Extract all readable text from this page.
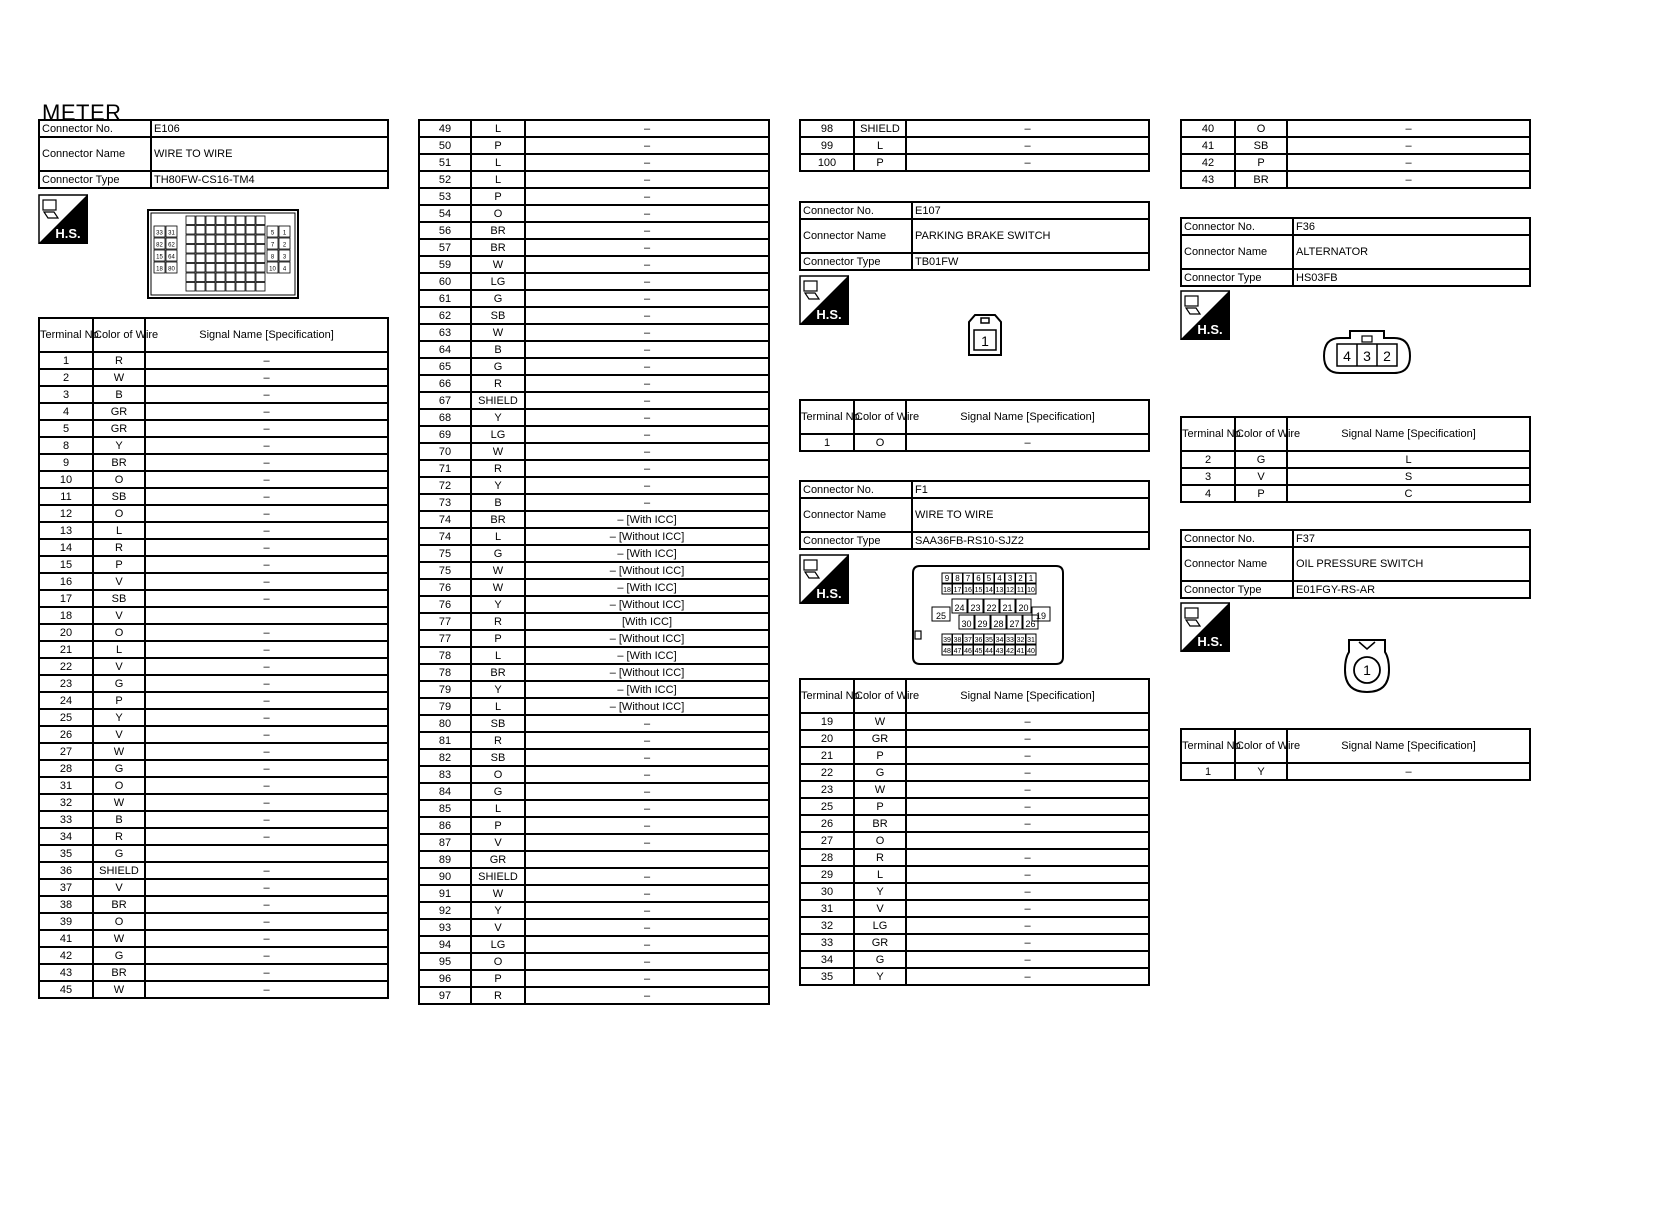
METER
Connector No.	E106
Connector Name	WIRE TO WIRE
Connector Type	TH80FW-CS16-TM4
H.S.	33 31
82 62
15 64
18 80
5 1
7 2
8 3
10 4
Terminal No.	Color of Wire	Signal Name [Specification]
1	R	–
2	W	–
3	B	–
4	GR	–
5	GR	–
8	Y	–
9	BR	–
10	O	–
11	SB	–
12	O	–
13	L	–
14	R	–
15	P	–
16	V	–
17	SB	–
18	V	
20	O	–
21	L	–
22	V	–
23	G	–
24	P	–
25	Y	–
26	V	–
27	W	–
28	G	–
31	O	–
32	W	–
33	B	–
34	R	–
35	G	
36	SHIELD	–
37	V	–
38	BR	–
39	O	–
41	W	–
42	G	–
43	BR	–
45	W	–
49	L	–
50	P	–
51	L	–
52	L	–
53	P	–
54	O	–
56	BR	–
57	BR	–
59	W	–
60	LG	–
61	G	–
62	SB	–
63	W	–
64	B	–
65	G	–
66	R	–
67	SHIELD	–
68	Y	–
69	LG	–
70	W	–
71	R	–
72	Y	–
73	B	–
74	BR	– [With ICC]
74	L	– [Without ICC]
75	G	– [With ICC]
75	W	– [Without ICC]
76	W	– [With ICC]
76	Y	– [Without ICC]
77	R	[With ICC]
77	P	– [Without ICC]
78	L	– [With ICC]
78	BR	– [Without ICC]
79	Y	– [With ICC]
79	L	– [Without ICC]
80	SB	–
81	R	–
82	SB	–
83	O	–
84	G	–
85	L	–
86	P	–
87	V	–
89	GR	
90	SHIELD	–
91	W	–
92	Y	–
93	V	–
94	LG	–
95	O	–
96	P	–
97	R	–
98	SHIELD	–
99	L	–
100	P	–
Connector No.	E107
Connector Name	PARKING BRAKE SWITCH
Connector Type	TB01FW
H.S.
1
Terminal No.	Color of Wire	Signal Name [Specification]
1	O	–
Connector No.	F1
Connector Name	WIRE TO WIRE
Connector Type	SAA36FB-RS10-SJZ2
H.S.
9 8 7 6 5 4 3 2 1
18 17 16 15 14 13 12 11 10
24 23 22 21 20
30 29 28 27 26
25	19
39 38 37 36 35 34 33 32 31
48 47 46 45 44 43 42 41 40
Terminal No.	Color of Wire	Signal Name [Specification]
19	W	–
20	GR	–
21	P	–
22	G	–
23	W	–
25	P	–
26	BR	–
27	O	
28	R	–
29	L	–
30	Y	–
31	V	–
32	LG	–
33	GR	–
34	G	–
35	Y	–
40	O	–
41	SB	–
42	P	–
43	BR	–
Connector No.	F36
Connector Name	ALTERNATOR
Connector Type	HS03FB
H.S.
4 3 2
Terminal No.	Color of Wire	Signal Name [Specification]
2	G	L
3	V	S
4	P	C
Connector No.	F37
Connector Name	OIL PRESSURE SWITCH
Connector Type	E01FGY-RS-AR
H.S.
1
Terminal No.	Color of Wire	Signal Name [Specification]
1	Y	–
